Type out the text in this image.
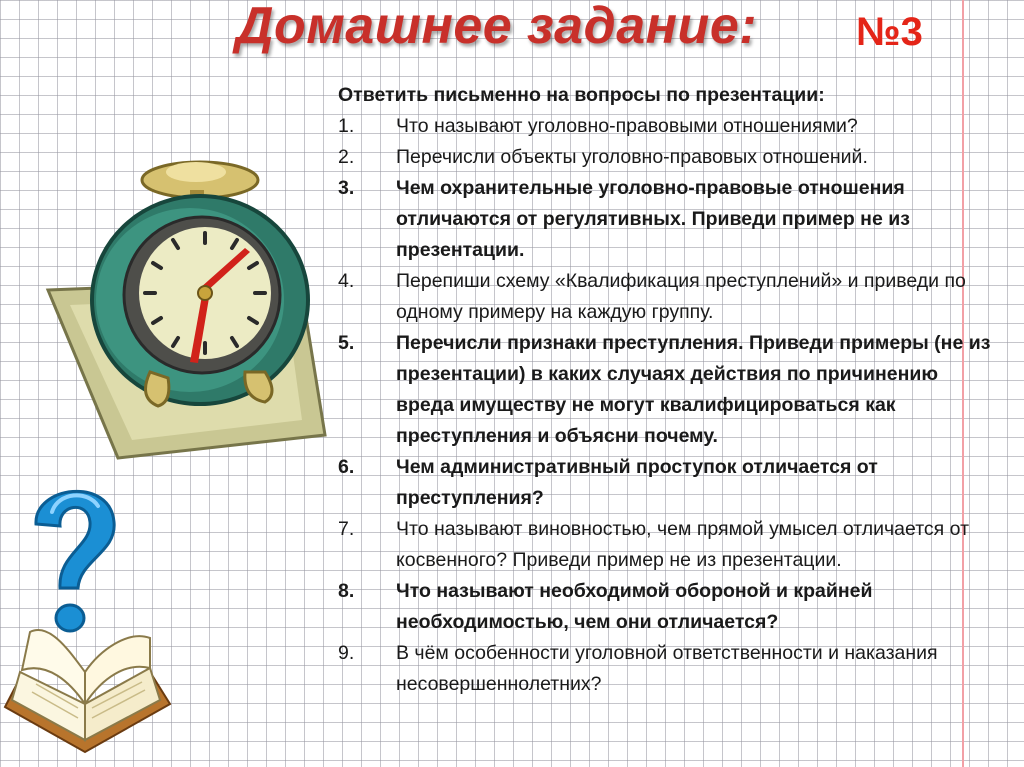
Домашнее задание: №3
Ответить письменно на вопросы по презентации:
1.	Что называют уголовно-правовыми отношениями?
2.	Перечисли объекты уголовно-правовых отношений.
3.	Чем охранительные уголовно-правовые отношения отличаются от регулятивных. Приведи пример не из презентации.
4.	Перепиши схему «Квалификация преступлений» и приведи по одному примеру на каждую группу.
5.	Перечисли признаки преступления. Приведи примеры (не из презентации) в каких случаях действия по причинению вреда имуществу не могут квалифицироваться как преступления и объясни почему.
6.	Чем административный проступок отличается от преступления?
7.	Что называют виновностью, чем прямой умысел отличается от косвенного? Приведи пример не из презентации.
8.	Что называют необходимой обороной и крайней необходимостью, чем они отличается?
9.	В чём особенности уголовной ответственности и наказания несовершеннолетних?
